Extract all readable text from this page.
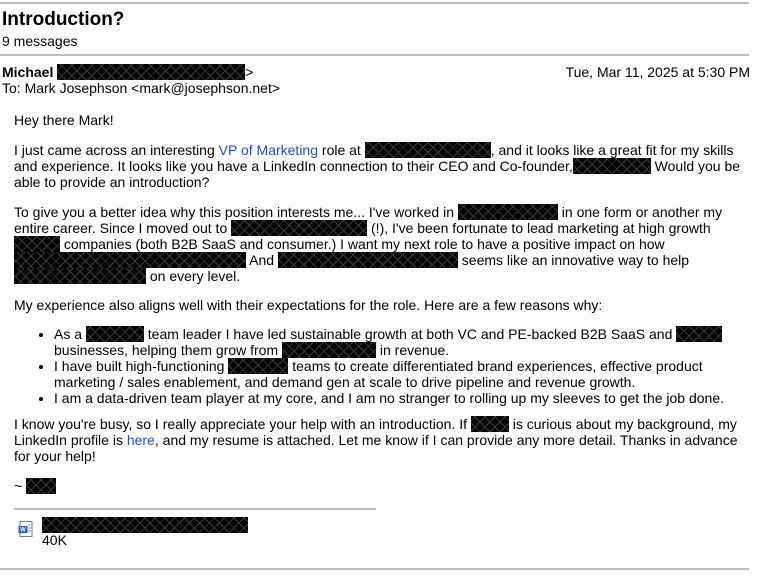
Introduction?
9 messages
Michael	>
To: Mark Josephson <mark@josephson.net>
Tue, Mar 11, 2025 at 5:30 PM

Hey there Mark!

I just came across an interesting VP of Marketing role at	, and it looks like a great fit for my skills and experience. It looks like you have a LinkedIn connection to their CEO and Co-founder,	Would you be able to provide an introduction?

To give you a better idea why this position interests me... I've worked in	in one form or another my entire career. Since I moved out to	(!), I've been fortunate to lead marketing at high growth companies (both B2B SaaS and consumer.) I want my next role to have a positive impact on how And	seems like an innovative way to help on every level.

My experience also aligns well with their expectations for the role. Here are a few reasons why:

• As a	team leader I have led sustainable growth at both VC and PE-backed B2B SaaS and  businesses, helping them grow from	in revenue.
• I have built high-functioning	teams to create differentiated brand experiences, effective product marketing / sales enablement, and demand gen at scale to drive pipeline and revenue growth.
• I am a data-driven team player at my core, and I am no stranger to rolling up my sleeves to get the job done.

I know you're busy, so I really appreciate your help with an introduction. If	is curious about my background, my LinkedIn profile is here, and my resume is attached. Let me know if I can provide any more detail. Thanks in advance for your help!

~

W
40K
